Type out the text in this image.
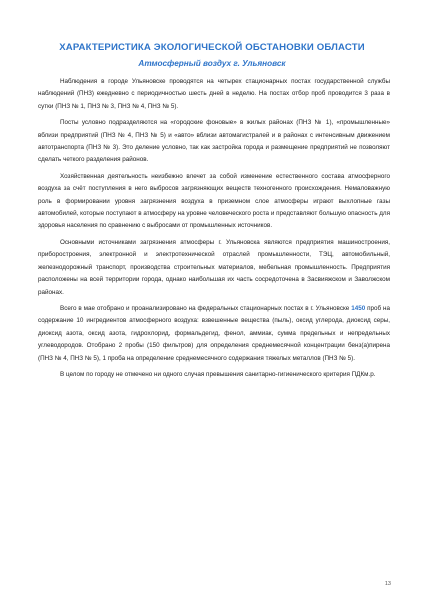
ХАРАКТЕРИСТИКА ЭКОЛОГИЧЕСКОЙ ОБСТАНОВКИ ОБЛАСТИ
Атмосферный воздух г. Ульяновск

Наблюдения в городе Ульяновске проводятся на четырех стационарных постах государственной службы наблюдений (ПНЗ) ежедневно с периодичностью шесть дней в неделю. На постах отбор проб проводится 3 раза в сутки (ПНЗ № 1, ПНЗ № 3, ПНЗ № 4, ПНЗ № 5).

Посты условно подразделяются на «городские фоновые» в жилых районах (ПНЗ № 1), «промышленные» вблизи предприятий (ПНЗ № 4, ПНЗ № 5) и «авто» вблизи автомагистралей и в районах с интенсивным движением автотранспорта (ПНЗ № 3). Это деление условно, так как застройка города и размещение предприятий не позволяют сделать четкого разделения районов.

Хозяйственная деятельность неизбежно влечет за собой изменение естественного состава атмосферного воздуха за счёт поступления в него выбросов загрязняющих веществ техногенного происхождения. Немаловажную роль в формировании уровня загрязнения воздуха в приземном слое атмосферы играют выхлопные газы автомобилей, которые поступают в атмосферу на уровне человеческого роста и представляют большую опасность для здоровья населения по сравнению с выбросами от промышленных источников.

Основными источниками загрязнения атмосферы г. Ульяновска являются предприятия машиностроения, приборостроения, электронной и электротехнической отраслей промышленности, ТЭЦ, автомобильный, железнодорожный транспорт, производства строительных материалов, мебельная промышленность. Предприятия расположены на всей территории города, однако наибольшая их часть сосредоточена в Засвияжском и Заволжском районах.

Всего в мае отобрано и проанализировано на федеральных стационарных постах в г. Ульяновске 1450 проб на содержание 10 ингредиентов атмосферного воздуха: взвешенные вещества (пыль), оксид углерода, диоксид серы, диоксид азота, оксид азота, гидрохлорид, формальдегид, фенол, аммиак, сумма предельных и непредельных углеводородов. Отобрано 2 пробы (150 фильтров) для определения среднемесячной концентрации бенз(а)пирена (ПНЗ № 4, ПНЗ № 5), 1 проба на определение среднемесячного содержания тяжелых металлов (ПНЗ № 5).

В целом по городу не отмечено ни одного случая превышения санитарно-гигиенического критерия ПДКм.р.

13
